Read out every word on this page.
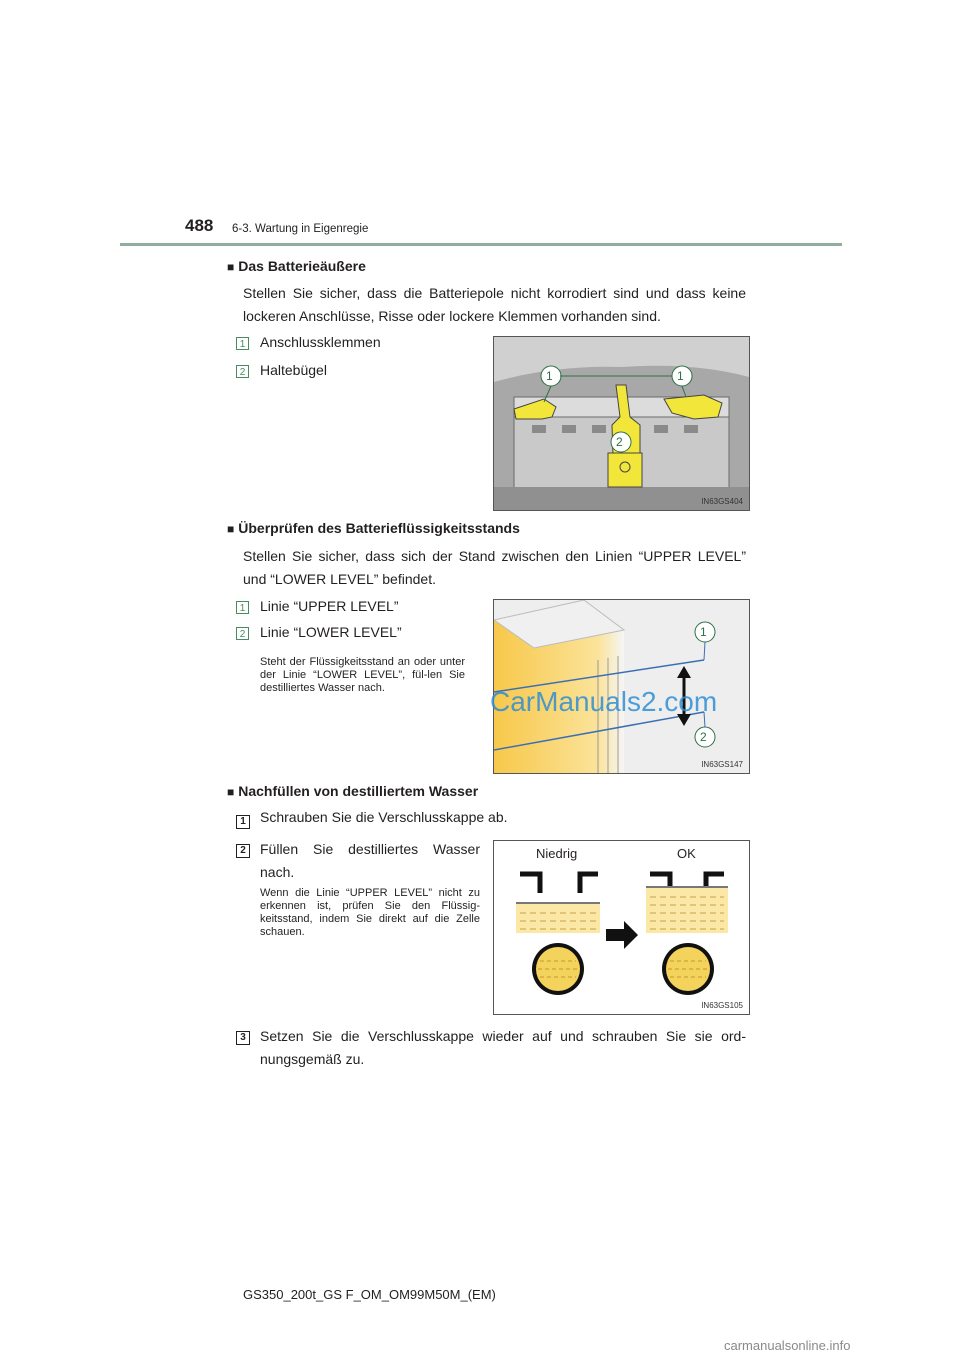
488 6-3. Wartung in Eigenregie
■ Das Batterieäußere
Stellen Sie sicher, dass die Batteriepole nicht korrodiert sind und dass keine lockeren Anschlüsse, Risse oder lockere Klemmen vorhanden sind.
1 Anschlussklemmen
2 Haltebügel	1	1
2
IN63GS404
■ Überprüfen des Batterieflüssigkeitsstands
Stellen Sie sicher, dass sich der Stand zwischen den Linien “UPPER LEVEL” und “LOWER LEVEL” befindet.
1 Linie “UPPER LEVEL”
2 Linie “LOWER LEVEL”
Steht der Flüssigkeitsstand an oder unter der Linie “LOWER LEVEL”, fül-len Sie destilliertes Wasser nach.
1
2
IN63GS147
CarManuals2.com
■ Nachfüllen von destilliertem Wasser
1	Schrauben Sie die Verschlusskappe ab.
2	Füllen Sie destilliertes Wasser nach.
Wenn die Linie “UPPER LEVEL” nicht zu erkennen ist, prüfen Sie den Flüssig-keitsstand, indem Sie direkt auf die Zelle schauen.
Niedrig	OK
IN63GS105
3	Setzen Sie die Verschlusskappe wieder auf und schrauben Sie sie ord-nungsgemäß zu.
GS350_200t_GS F_OM_OM99M50M_(EM)
carmanualsonline.info
